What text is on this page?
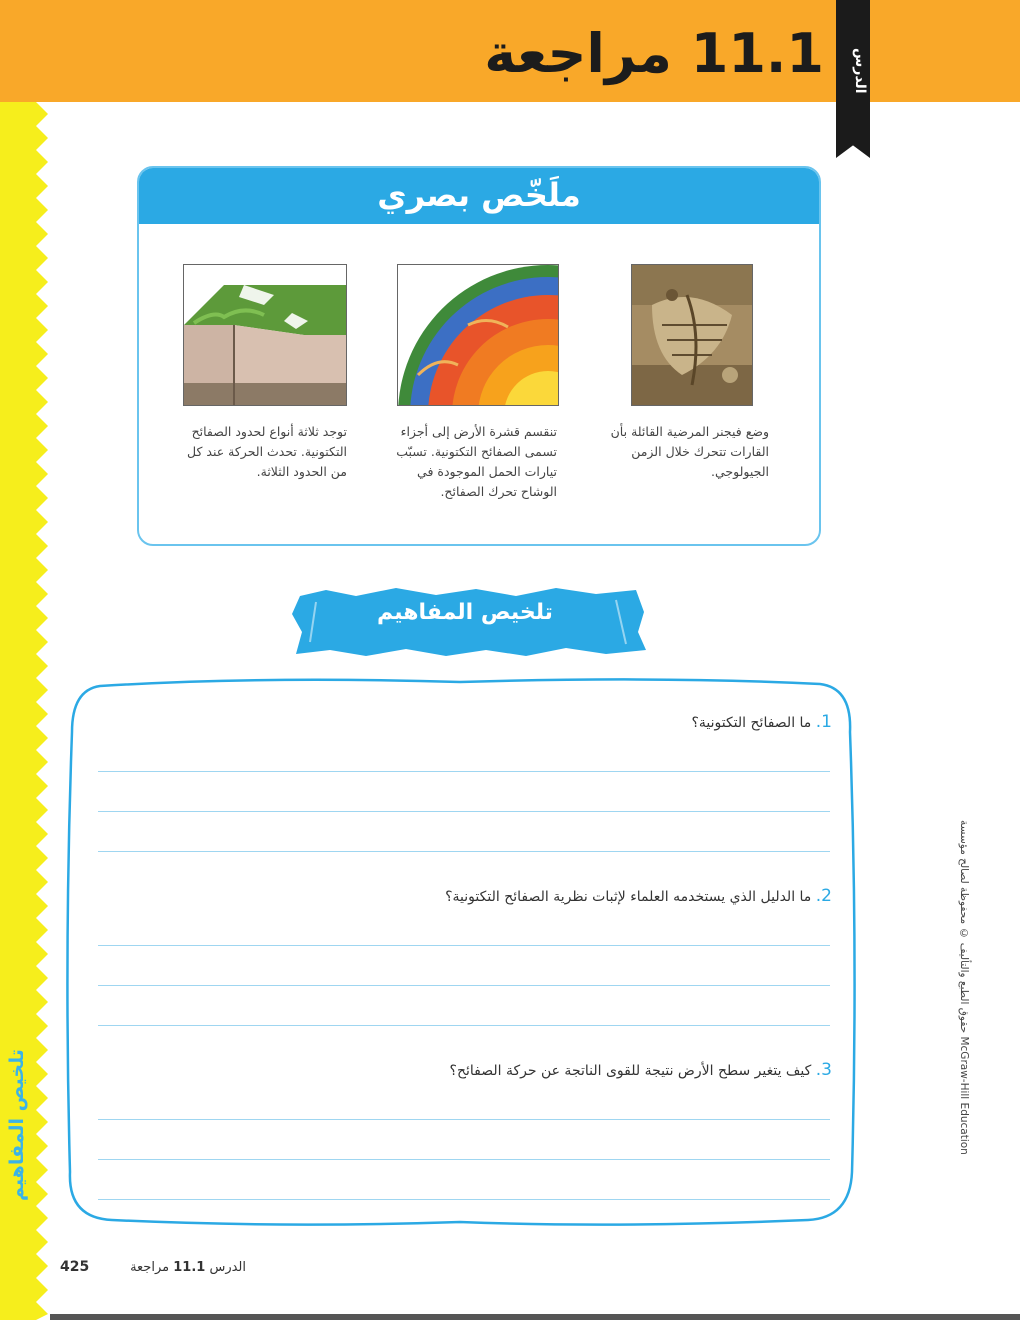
11.1 مراجعة	الدرس
تلخيص المفاهيم
ملَخّص بصري
وضع فيجنر المرضية القائلة بأن القارات تتحرك خلال الزمن الجيولوجي.
تنقسم قشرة الأرض إلى أجزاء تسمى الصفائح التكتونية. تسبّب تيارات الحمل الموجودة في الوشاح تحرك الصفائح.
توجد ثلاثة أنواع لحدود الصفائح التكتونية. تحدث الحركة عند كل من الحدود الثلاثة.
تلخيص المفاهيم
1. ما الصفائح التكتونية؟
2. ما الدليل الذي يستخدمه العلماء لإثبات نظرية الصفائح التكتونية؟
3. كيف يتغير سطح الأرض نتيجة للقوى الناتجة عن حركة الصفائح؟
حقوق الطبع والتأليف © محفوظة لصالح مؤسسة McGraw-Hill Education
425	الدرس 11.1 مراجعة
